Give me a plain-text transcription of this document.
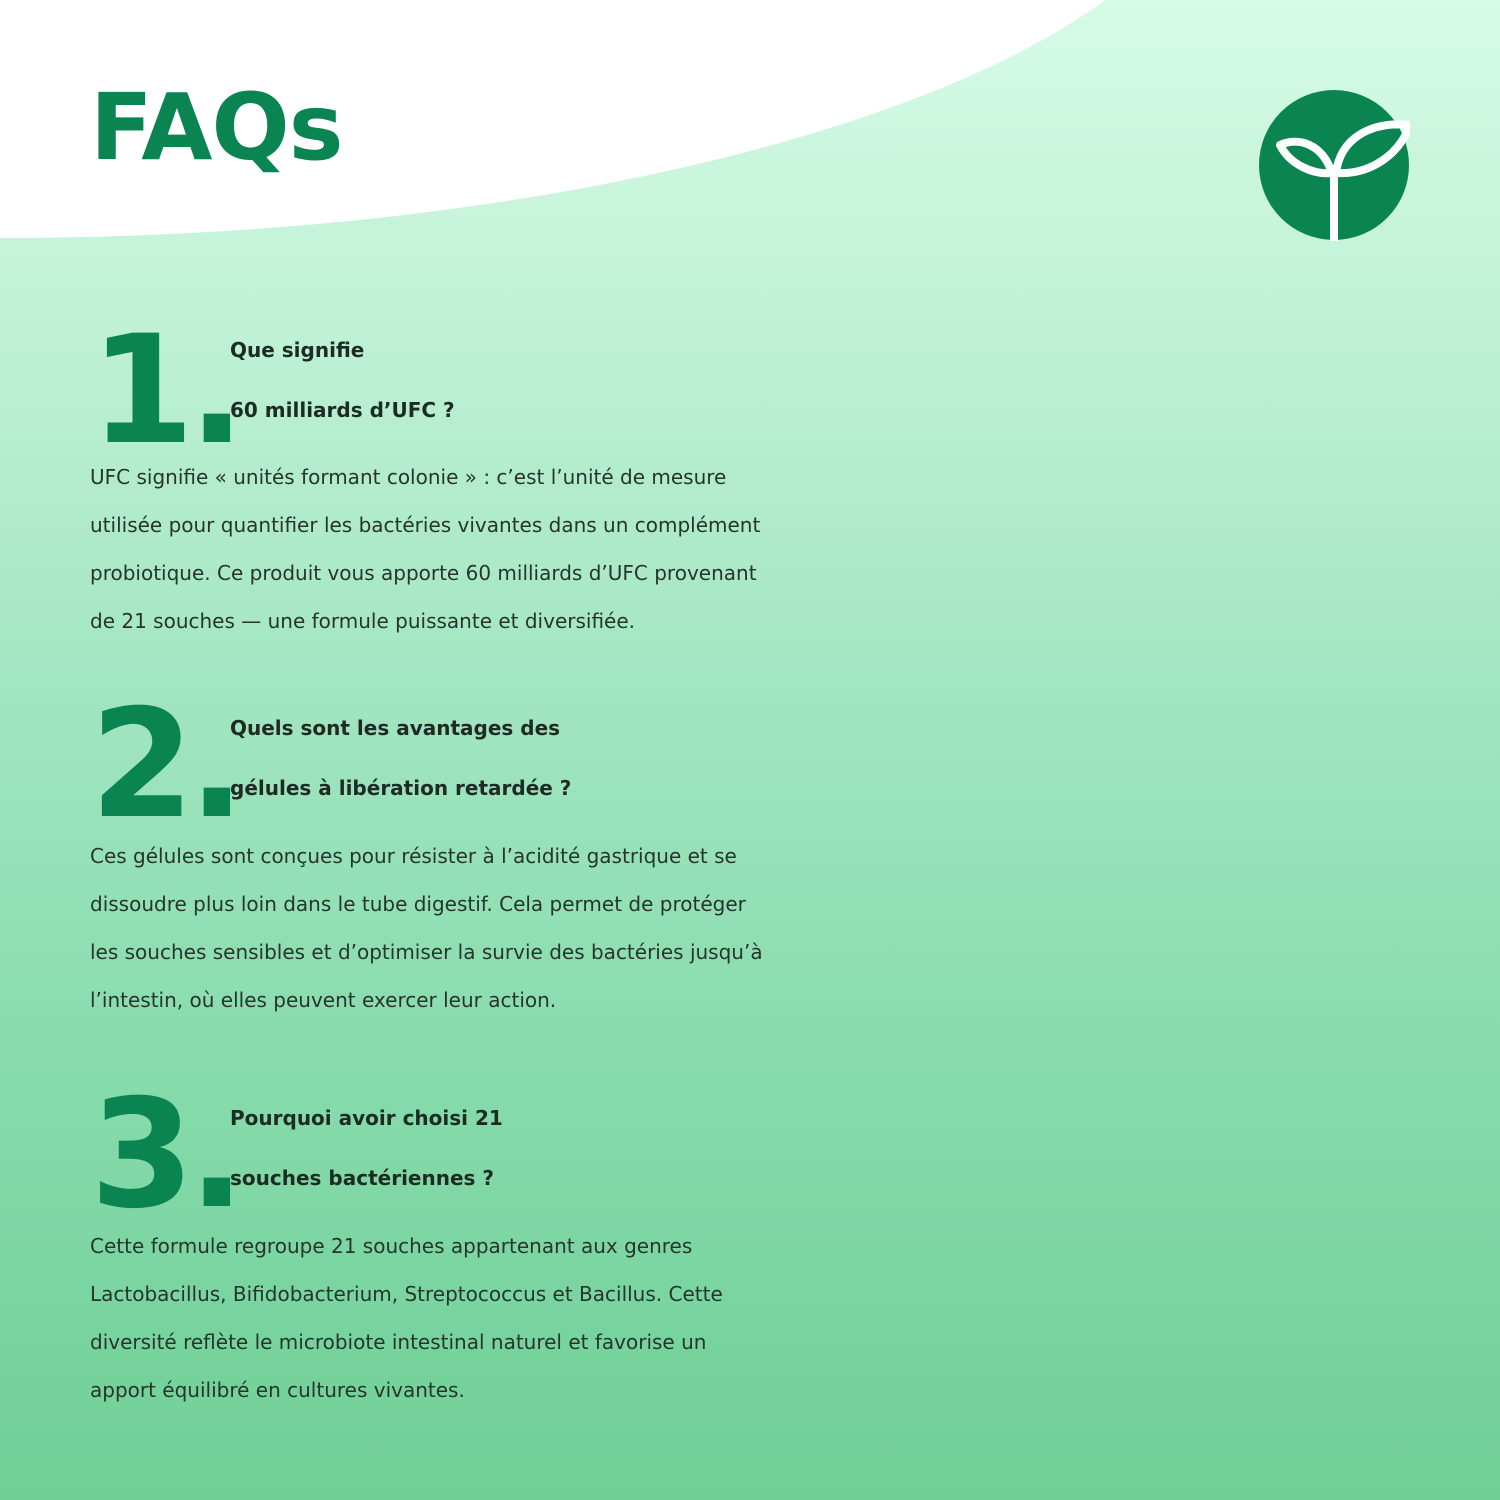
FAQs
1.
Que signifie
60 milliards d’UFC ?

UFC signifie « unités formant colonie » : c’est l’unité de mesure
utilisée pour quantifier les bactéries vivantes dans un complément
probiotique. Ce produit vous apporte 60 milliards d’UFC provenant
de 21 souches — une formule puissante et diversifiée.

2.
Quels sont les avantages des
gélules à libération retardée ?

Ces gélules sont conçues pour résister à l’acidité gastrique et se
dissoudre plus loin dans le tube digestif. Cela permet de protéger
les souches sensibles et d’optimiser la survie des bactéries jusqu’à
l’intestin, où elles peuvent exercer leur action.

3.
Pourquoi avoir choisi 21
souches bactériennes ?

Cette formule regroupe 21 souches appartenant aux genres
Lactobacillus, Bifidobacterium, Streptococcus et Bacillus. Cette
diversité reflète le microbiote intestinal naturel et favorise un
apport équilibré en cultures vivantes.
